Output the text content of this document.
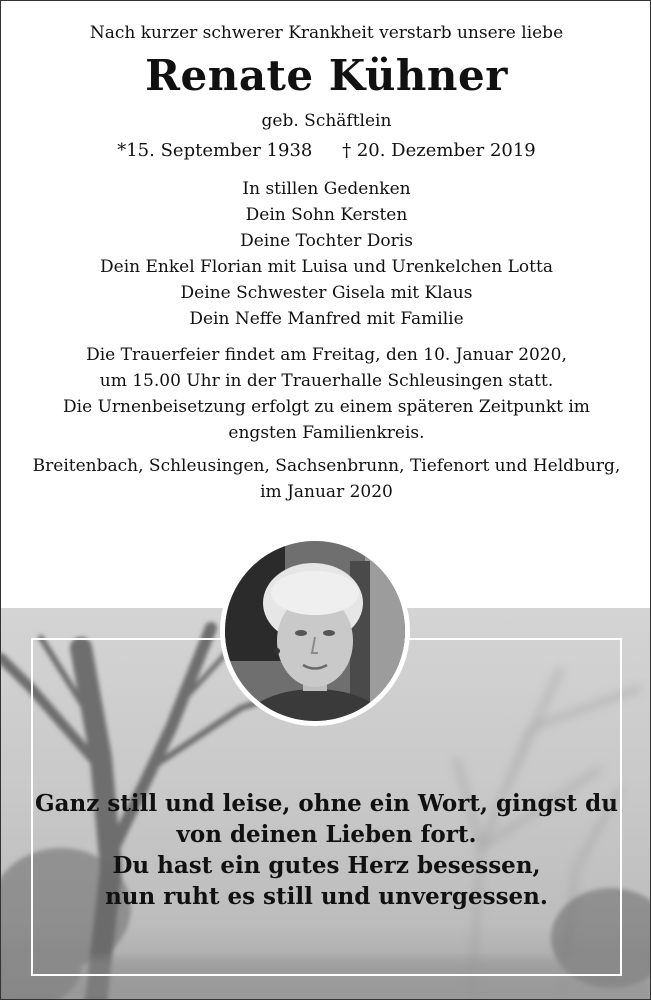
Nach kurzer schwerer Krankheit verstarb unsere liebe
Renate Kühner
geb. Schäftlein
*15. September 1938 † 20. Dezember 2019
In stillen Gedenken
Dein Sohn Kersten
Deine Tochter Doris
Dein Enkel Florian mit Luisa und Urenkelchen Lotta
Deine Schwester Gisela mit Klaus
Dein Neffe Manfred mit Familie
Die Trauerfeier findet am Freitag, den 10. Januar 2020,
um 15.00 Uhr in der Trauerhalle Schleusingen statt.
Die Urnenbeisetzung erfolgt zu einem späteren Zeitpunkt im
engsten Familienkreis.
Breitenbach, Schleusingen, Sachsenbrunn, Tiefenort und Heldburg,
im Januar 2020
Ganz still und leise, ohne ein Wort, gingst du
von deinen Lieben fort.
Du hast ein gutes Herz besessen,
nun ruht es still und unvergessen.
